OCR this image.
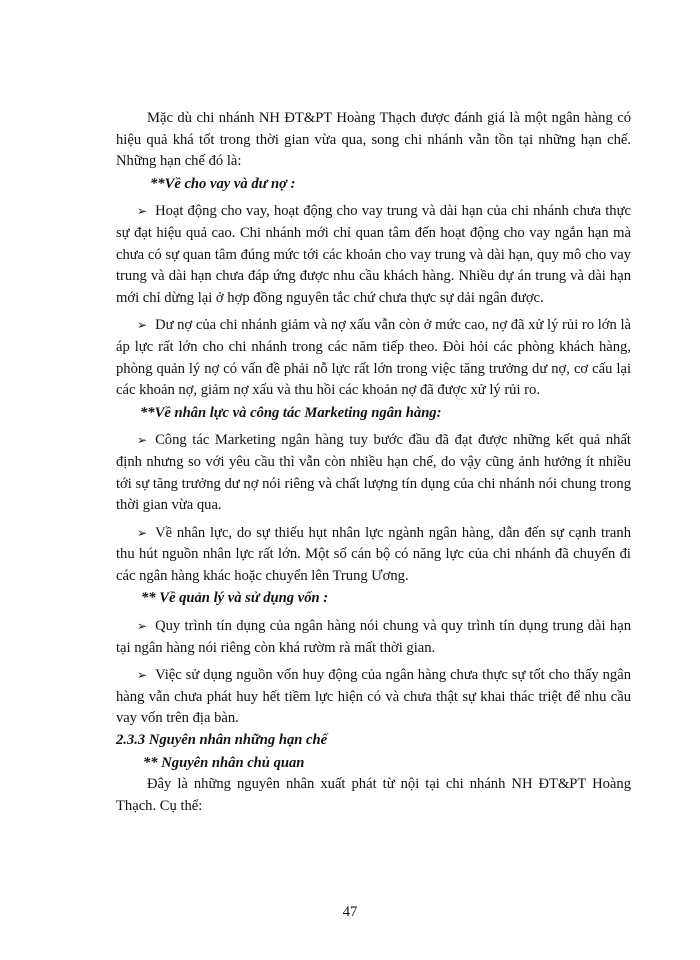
Mặc dù chi nhánh NH ĐT&PT Hoàng Thạch được đánh giá là một ngân hàng có hiệu quả khá tốt trong thời gian vừa qua, song chi nhánh vẫn tồn tại những hạn chế. Những hạn chế đó là:

**Về cho vay và dư nợ :

➢ Hoạt động cho vay, hoạt động cho vay trung và dài hạn của chi nhánh chưa thực sự đạt hiệu quả cao. Chi nhánh mới chỉ quan tâm đến hoạt động cho vay ngắn hạn mà chưa có sự quan tâm đúng mức tới các khoản cho vay trung và dài hạn, quy mô cho vay trung và dài hạn chưa đáp ứng được nhu cầu khách hàng. Nhiều dự án trung và dài hạn mới chỉ dừng lại ở hợp đồng nguyên tắc chứ chưa thực sự dải ngân được.

➢ Dư nợ của chi nhánh giảm và nợ xấu vẫn còn ở mức cao, nợ đã xử lý rủi ro lớn là áp lực rất lớn cho chi nhánh trong các năm tiếp theo. Đòi hỏi các phòng khách hàng, phòng quản lý nợ có vấn đề phải nỗ lực rất lớn trong việc tăng trưởng dư nợ, cơ cấu lại các khoản nợ, giảm nợ xấu và thu hồi các khoản nợ đã được xử lý rủi ro.

**Về nhân lực và công tác Marketing ngân hàng:

➢ Công tác Marketing ngân hàng tuy bước đầu đã đạt được những kết quả nhất định nhưng so với yêu cầu thì vẫn còn nhiều hạn chế, do vậy cũng ảnh hưởng ít nhiều tới sự tăng trưởng dư nợ nói riêng và chất lượng tín dụng của chi nhánh nói chung trong thời gian vừa qua.

➢ Về nhân lực, do sự thiếu hụt nhân lực ngành ngân hàng, dẫn đến sự cạnh tranh thu hút nguồn nhân lực rất lớn. Một số cán bộ có năng lực của chi nhánh đã chuyển đi các ngân hàng khác hoặc chuyển lên Trung Ương.

** Về quản lý và sử dụng vốn :

➢ Quy trình tín dụng của ngân hàng nói chung và quy trình tín dụng trung dài hạn tại ngân hàng nói riêng còn khá rườm rà mất thời gian.

➢ Việc sử dụng nguồn vốn huy động của ngân hàng chưa thực sự tốt cho thấy ngân hàng vẫn chưa phát huy hết tiềm lực hiện có và chưa thật sự khai thác triệt để nhu cầu vay vốn trên địa bàn.

2.3.3 Nguyên nhân những hạn chế

** Nguyên nhân chủ quan

Đây là những nguyên nhân xuất phát từ nội tại chi nhánh NH ĐT&PT Hoàng Thạch. Cụ thể:

47
